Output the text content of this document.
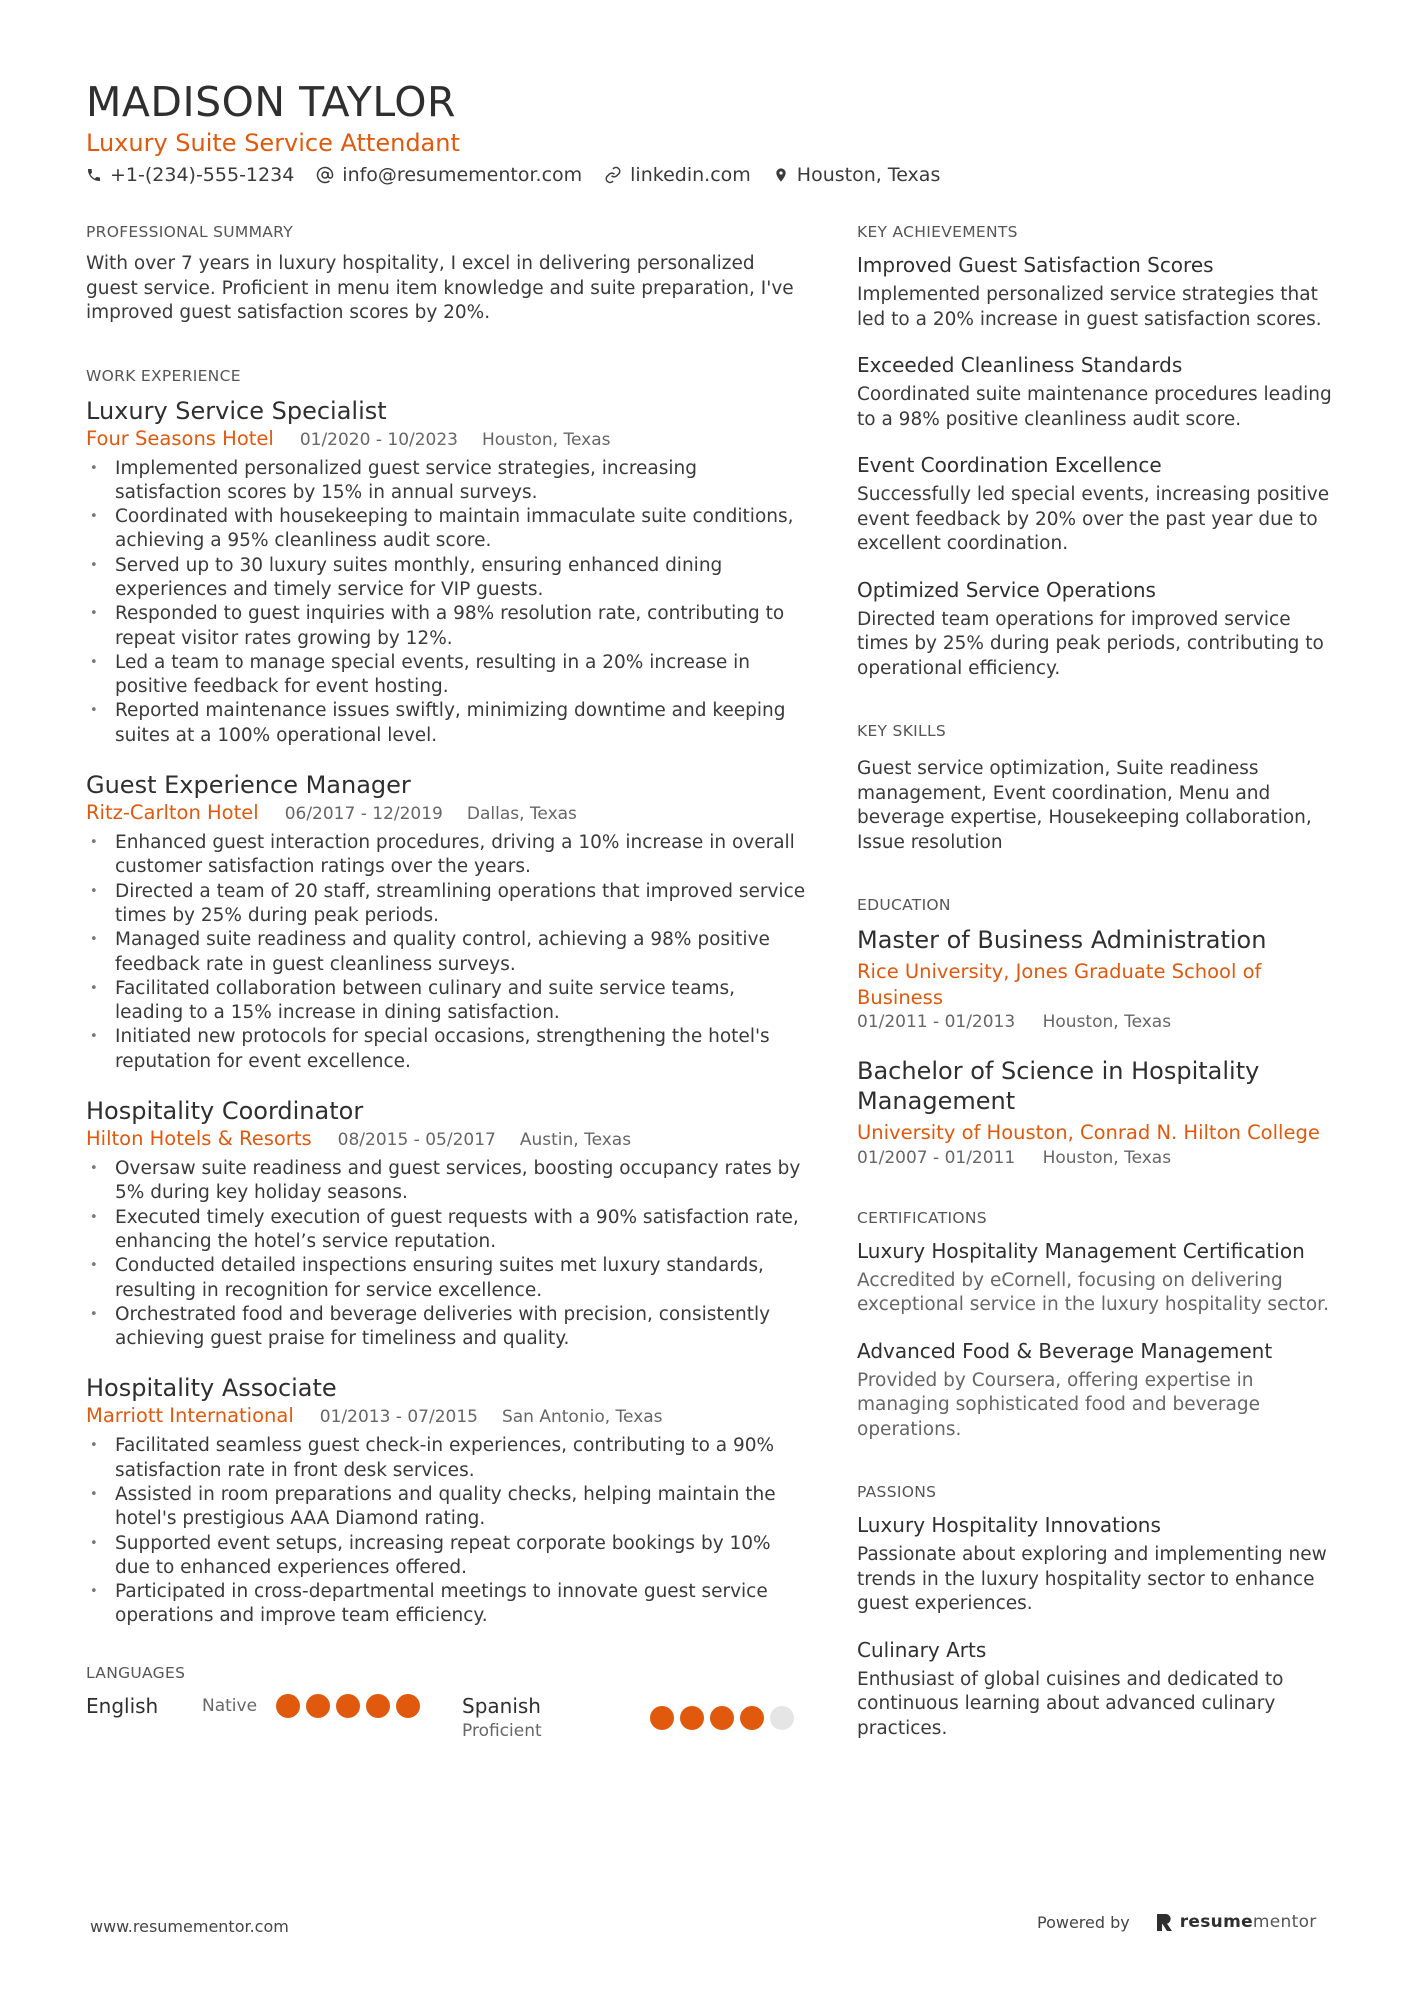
MADISON TAYLOR
Luxury Suite Service Attendant
+1-(234)-555-1234	info@resumementor.com	linkedin.com Houston, Texas
PROFESSIONAL SUMMARY
With over 7 years in luxury hospitality, I excel in delivering personalized guest service. Proficient in menu item knowledge and suite preparation, I've improved guest satisfaction scores by 20%.
WORK EXPERIENCE
Luxury Service Specialist
Four Seasons Hotel 01/2020 - 10/2023 Houston, Texas
• Implemented personalized guest service strategies, increasing satisfaction scores by 15% in annual surveys.
• Coordinated with housekeeping to maintain immaculate suite conditions, achieving a 95% cleanliness audit score.
• Served up to 30 luxury suites monthly, ensuring enhanced dining experiences and timely service for VIP guests.
• Responded to guest inquiries with a 98% resolution rate, contributing to repeat visitor rates growing by 12%.
• Led a team to manage special events, resulting in a 20% increase in positive feedback for event hosting.
• Reported maintenance issues swiftly, minimizing downtime and keeping suites at a 100% operational level.
Guest Experience Manager
Ritz-Carlton Hotel 06/2017 - 12/2019 Dallas, Texas
• Enhanced guest interaction procedures, driving a 10% increase in overall customer satisfaction ratings over the years.
• Directed a team of 20 staff, streamlining operations that improved service times by 25% during peak periods.
• Managed suite readiness and quality control, achieving a 98% positive feedback rate in guest cleanliness surveys.
• Facilitated collaboration between culinary and suite service teams, leading to a 15% increase in dining satisfaction.
• Initiated new protocols for special occasions, strengthening the hotel's reputation for event excellence.
Hospitality Coordinator
Hilton Hotels & Resorts 08/2015 - 05/2017 Austin, Texas
• Oversaw suite readiness and guest services, boosting occupancy rates by 5% during key holiday seasons.
• Executed timely execution of guest requests with a 90% satisfaction rate, enhancing the hotel’s service reputation.
• Conducted detailed inspections ensuring suites met luxury standards, resulting in recognition for service excellence.
• Orchestrated food and beverage deliveries with precision, consistently achieving guest praise for timeliness and quality.
Hospitality Associate
Marriott International 01/2013 - 07/2015 San Antonio, Texas
• Facilitated seamless guest check-in experiences, contributing to a 90% satisfaction rate in front desk services.
• Assisted in room preparations and quality checks, helping maintain the hotel's prestigious AAA Diamond rating.
• Supported event setups, increasing repeat corporate bookings by 10% due to enhanced experiences offered.
• Participated in cross-departmental meetings to innovate guest service operations and improve team efficiency.
LANGUAGES
English	Native	Spanish
Proficient
KEY ACHIEVEMENTS
Improved Guest Satisfaction Scores
Implemented personalized service strategies that led to a 20% increase in guest satisfaction scores.
Exceeded Cleanliness Standards
Coordinated suite maintenance procedures leading to a 98% positive cleanliness audit score.
Event Coordination Excellence
Successfully led special events, increasing positive event feedback by 20% over the past year due to excellent coordination.
Optimized Service Operations
Directed team operations for improved service times by 25% during peak periods, contributing to operational efficiency.
KEY SKILLS
Guest service optimization, Suite readiness management, Event coordination, Menu and beverage expertise, Housekeeping collaboration, Issue resolution
EDUCATION
Master of Business Administration
Rice University, Jones Graduate School of Business
01/2011 - 01/2013 Houston, Texas
Bachelor of Science in Hospitality Management
University of Houston, Conrad N. Hilton College
01/2007 - 01/2011 Houston, Texas
CERTIFICATIONS
Luxury Hospitality Management Certification
Accredited by eCornell, focusing on delivering exceptional service in the luxury hospitality sector.
Advanced Food & Beverage Management
Provided by Coursera, offering expertise in managing sophisticated food and beverage operations.
PASSIONS
Luxury Hospitality Innovations
Passionate about exploring and implementing new trends in the luxury hospitality sector to enhance guest experiences.
Culinary Arts
Enthusiast of global cuisines and dedicated to continuous learning about advanced culinary practices.
www.resumementor.com	Powered by	resume mentor
